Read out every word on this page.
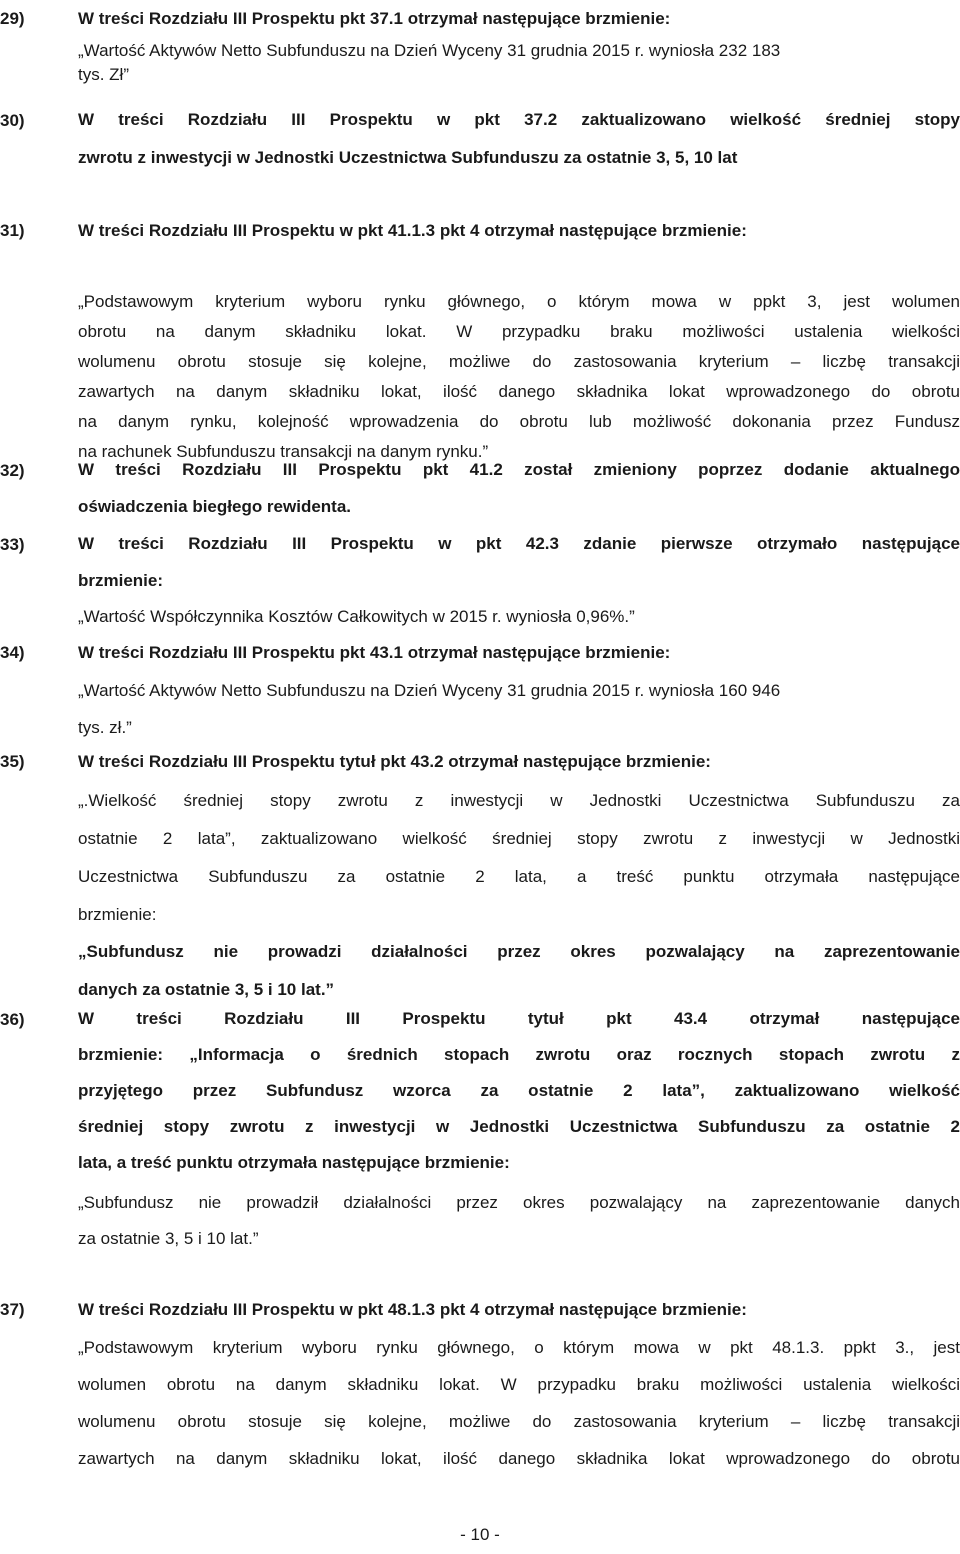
29)	W treści Rozdziału III Prospektu pkt 37.1 otrzymał następujące brzmienie:
„Wartość Aktywów Netto Subfunduszu na Dzień Wyceny 31 grudnia 2015 r. wyniosła 232 183
tys. Zł”
30)	W treści Rozdziału III Prospektu w pkt 37.2 zaktualizowano wielkość średniej stopy
zwrotu z inwestycji w Jednostki Uczestnictwa Subfunduszu za ostatnie 3, 5, 10 lat
31)	W treści Rozdziału III Prospektu w pkt 41.1.3 pkt 4 otrzymał następujące brzmienie:
„Podstawowym kryterium wyboru rynku głównego, o którym mowa w ppkt 3, jest wolumen
obrotu na danym składniku lokat. W przypadku braku możliwości ustalenia wielkości
wolumenu obrotu stosuje się kolejne, możliwe do zastosowania kryterium – liczbę transakcji
zawartych na danym składniku lokat, ilość danego składnika lokat wprowadzonego do obrotu
na danym rynku, kolejność wprowadzenia do obrotu lub możliwość dokonania przez Fundusz
na rachunek Subfunduszu transakcji na danym rynku.”
32)	W treści Rozdziału III Prospektu pkt 41.2 został zmieniony poprzez dodanie aktualnego
oświadczenia biegłego rewidenta.
33)	W treści Rozdziału III Prospektu w pkt 42.3 zdanie pierwsze otrzymało następujące
brzmienie:
„Wartość Współczynnika Kosztów Całkowitych w 2015 r. wyniosła 0,96%.”
34)	W treści Rozdziału III Prospektu pkt 43.1 otrzymał następujące brzmienie:
„Wartość Aktywów Netto Subfunduszu na Dzień Wyceny 31 grudnia 2015 r. wyniosła 160 946
tys. zł.”
35)	W treści Rozdziału III Prospektu tytuł pkt 43.2 otrzymał następujące brzmienie:
„.Wielkość średniej stopy zwrotu z inwestycji w Jednostki Uczestnictwa Subfunduszu za
ostatnie 2 lata”, zaktualizowano wielkość średniej stopy zwrotu z inwestycji w Jednostki
Uczestnictwa Subfunduszu za ostatnie 2 lata, a treść punktu otrzymała następujące
brzmienie:
„Subfundusz nie prowadzi działalności przez okres pozwalający na zaprezentowanie
danych za ostatnie 3, 5 i 10 lat.”
36)	W treści Rozdziału III Prospektu tytuł pkt 43.4 otrzymał następujące
brzmienie: „Informacja o średnich stopach zwrotu oraz rocznych stopach zwrotu z
przyjętego przez Subfundusz wzorca za ostatnie 2 lata”, zaktualizowano wielkość
średniej stopy zwrotu z inwestycji w Jednostki Uczestnictwa Subfunduszu za ostatnie 2
lata, a treść punktu otrzymała następujące brzmienie:
„Subfundusz nie prowadził działalności przez okres pozwalający na zaprezentowanie danych
za ostatnie 3, 5 i 10 lat.”
37)	W treści Rozdziału III Prospektu w pkt 48.1.3 pkt 4 otrzymał następujące brzmienie:
„Podstawowym kryterium wyboru rynku głównego, o którym mowa w pkt 48.1.3. ppkt 3., jest
wolumen obrotu na danym składniku lokat. W przypadku braku możliwości ustalenia wielkości
wolumenu obrotu stosuje się kolejne, możliwe do zastosowania kryterium – liczbę transakcji
zawartych na danym składniku lokat, ilość danego składnika lokat wprowadzonego do obrotu
- 10 -
